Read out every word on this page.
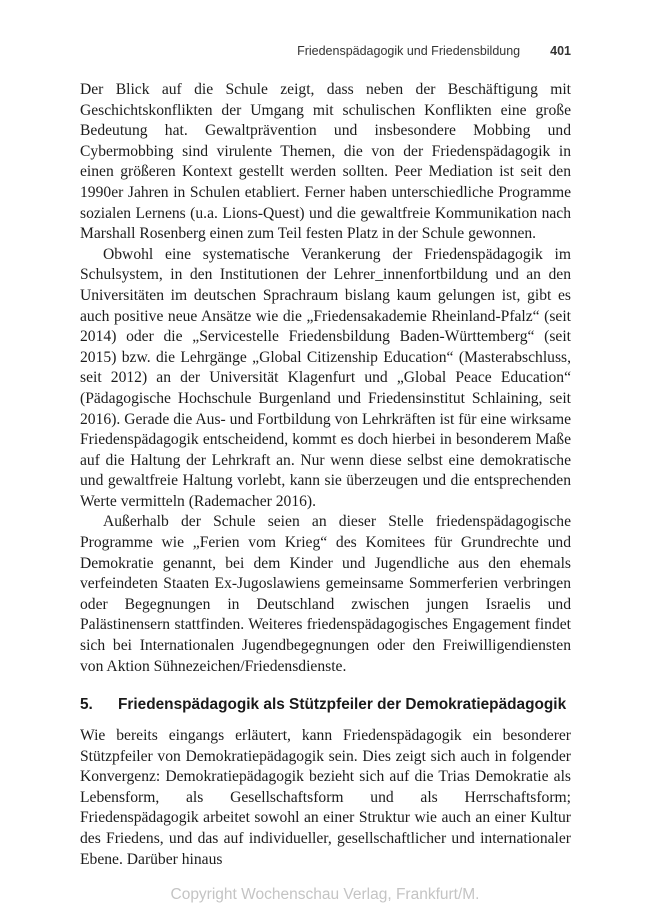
Friedenspädagogik und Friedensbildung 401

Der Blick auf die Schule zeigt, dass neben der Beschäftigung mit Geschichtskonflikten der Umgang mit schulischen Konflikten eine große Bedeutung hat. Gewaltprävention und insbesondere Mobbing und Cybermobbing sind virulente Themen, die von der Friedenspädagogik in einen größeren Kontext gestellt werden sollten. Peer Mediation ist seit den 1990er Jahren in Schulen etabliert. Ferner haben unterschiedliche Programme sozialen Lernens (u.a. Lions-Quest) und die gewaltfreie Kommunikation nach Marshall Rosenberg einen zum Teil festen Platz in der Schule gewonnen.

Obwohl eine systematische Verankerung der Friedenspädagogik im Schulsystem, in den Institutionen der Lehrer_innenfortbildung und an den Universitäten im deutschen Sprachraum bislang kaum gelungen ist, gibt es auch positive neue Ansätze wie die „Friedensakademie Rheinland-Pfalz“ (seit 2014) oder die „Servicestelle Friedensbildung Baden-Württemberg“ (seit 2015) bzw. die Lehrgänge „Global Citizenship Education“ (Masterabschluss, seit 2012) an der Universität Klagenfurt und „Global Peace Education“ (Pädagogische Hochschule Burgenland und Friedensinstitut Schlaining, seit 2016). Gerade die Aus- und Fortbildung von Lehrkräften ist für eine wirksame Friedenspädagogik entscheidend, kommt es doch hierbei in besonderem Maße auf die Haltung der Lehrkraft an. Nur wenn diese selbst eine demokratische und gewaltfreie Haltung vorlebt, kann sie überzeugen und die entsprechenden Werte vermitteln (Rademacher 2016).

Außerhalb der Schule seien an dieser Stelle friedenspädagogische Programme wie „Ferien vom Krieg“ des Komitees für Grundrechte und Demokratie genannt, bei dem Kinder und Jugendliche aus den ehemals verfeindeten Staaten Ex-Jugoslawiens gemeinsame Sommerferien verbringen oder Begegnungen in Deutschland zwischen jungen Israelis und Palästinensern stattfinden. Weiteres friedenspädagogisches Engagement findet sich bei Internationalen Jugendbegegnungen oder den Freiwilligendiensten von Aktion Sühnezeichen/Friedensdienste.

5.	Friedenspädagogik als Stützpfeiler der Demokratiepädagogik

Wie bereits eingangs erläutert, kann Friedenspädagogik ein besonderer Stützpfeiler von Demokratiepädagogik sein. Dies zeigt sich auch in folgender Konvergenz: Demokratiepädagogik bezieht sich auf die Trias Demokratie als Lebensform, als Gesellschaftsform und als Herrschaftsform; Friedenspädagogik arbeitet sowohl an einer Struktur wie auch an einer Kultur des Friedens, und das auf individueller, gesellschaftlicher und internationaler Ebene. Darüber hinaus

Copyright Wochenschau Verlag, Frankfurt/M.
